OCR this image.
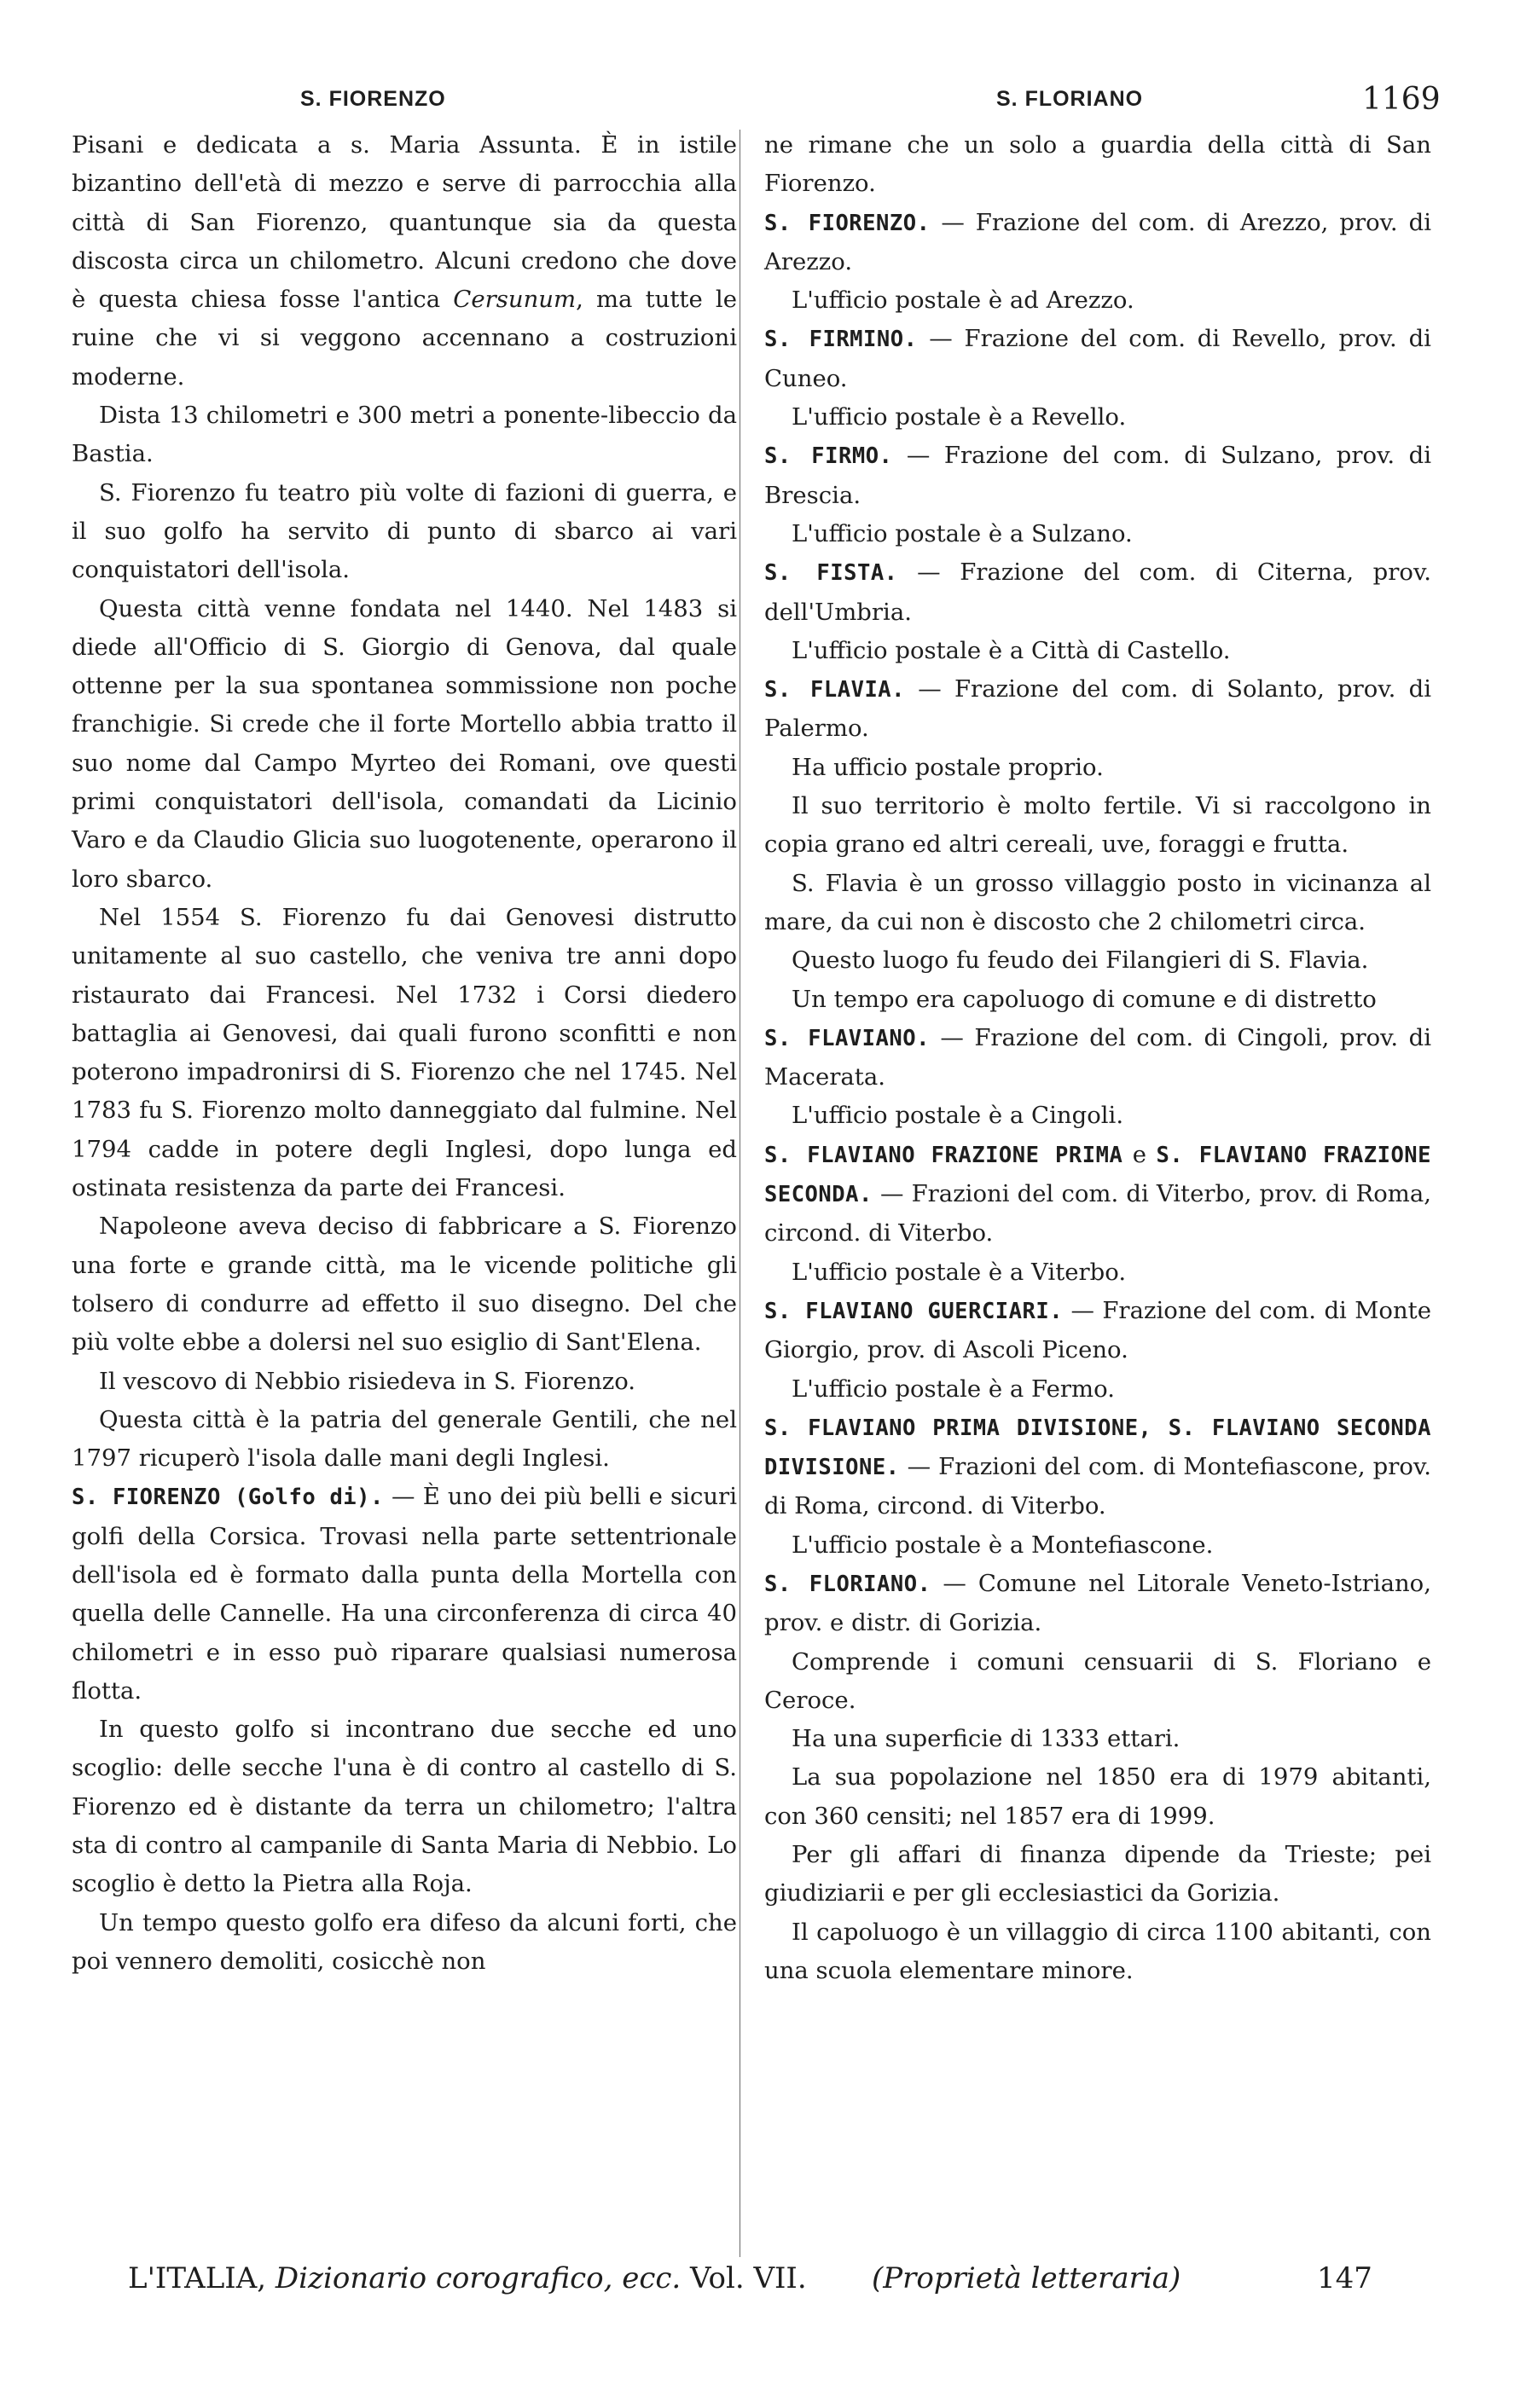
S. FIORENZO	S. FLORIANO	1169

Pisani e dedicata a s. Maria Assunta. È in istile bizantino dell'età di mezzo e serve di parrocchia alla città di San Fiorenzo, quantunque sia da questa discosta circa un chilometro. Alcuni credono che dove è questa chiesa fosse l'antica Cersunum, ma tutte le ruine che vi si veggono accennano a costruzioni moderne.

Dista 13 chilometri e 300 metri a ponente-libeccio da Bastia.

S. Fiorenzo fu teatro più volte di fazioni di guerra, e il suo golfo ha servito di punto di sbarco ai vari conquistatori dell'isola.

Questa città venne fondata nel 1440. Nel 1483 si diede all'Officio di S. Giorgio di Genova, dal quale ottenne per la sua spontanea sommissione non poche franchigie. Si crede che il forte Mortello abbia tratto il suo nome dal Campo Myrteo dei Romani, ove questi primi conquistatori dell'isola, comandati da Licinio Varo e da Claudio Glicia suo luogotenente, operarono il loro sbarco.

Nel 1554 S. Fiorenzo fu dai Genovesi distrutto unitamente al suo castello, che veniva tre anni dopo ristaurato dai Francesi. Nel 1732 i Corsi diedero battaglia ai Genovesi, dai quali furono sconfitti e non poterono impadronirsi di S. Fiorenzo che nel 1745. Nel 1783 fu S. Fiorenzo molto danneggiato dal fulmine. Nel 1794 cadde in potere degli Inglesi, dopo lunga ed ostinata resistenza da parte dei Francesi.

Napoleone aveva deciso di fabbricare a S. Fiorenzo una forte e grande città, ma le vicende politiche gli tolsero di condurre ad effetto il suo disegno. Del che più volte ebbe a dolersi nel suo esiglio di Sant'Elena.

Il vescovo di Nebbio risiedeva in S. Fiorenzo.

Questa città è la patria del generale Gentili, che nel 1797 ricuperò l'isola dalle mani degli Inglesi.

S. FIORENZO (Golfo di). — È uno dei più belli e sicuri golfi della Corsica. Trovasi nella parte settentrionale dell'isola ed è formato dalla punta della Mortella con quella delle Cannelle. Ha una circonferenza di circa 40 chilometri e in esso può riparare qualsiasi numerosa flotta.

In questo golfo si incontrano due secche ed uno scoglio: delle secche l'una è di contro al castello di S. Fiorenzo ed è distante da terra un chilometro; l'altra sta di contro al campanile di Santa Maria di Nebbio. Lo scoglio è detto la Pietra alla Roja.

Un tempo questo golfo era difeso da alcuni forti, che poi vennero demoliti, cosicchè non

ne rimane che un solo a guardia della città di San Fiorenzo.

S. FIORENZO. — Frazione del com. di Arezzo, prov. di Arezzo.

L'ufficio postale è ad Arezzo.

S. FIRMINO. — Frazione del com. di Revello, prov. di Cuneo.

L'ufficio postale è a Revello.

S. FIRMO. — Frazione del com. di Sulzano, prov. di Brescia.

L'ufficio postale è a Sulzano.

S. FISTA. — Frazione del com. di Citerna, prov. dell'Umbria.

L'ufficio postale è a Città di Castello.

S. FLAVIA. — Frazione del com. di Solanto, prov. di Palermo.

Ha ufficio postale proprio.

Il suo territorio è molto fertile. Vi si raccolgono in copia grano ed altri cereali, uve, foraggi e frutta.

S. Flavia è un grosso villaggio posto in vicinanza al mare, da cui non è discosto che 2 chilometri circa.

Questo luogo fu feudo dei Filangieri di S. Flavia.

Un tempo era capoluogo di comune e di distretto

S. FLAVIANO. — Frazione del com. di Cingoli, prov. di Macerata.

L'ufficio postale è a Cingoli.

S. FLAVIANO FRAZIONE PRIMA e S. FLAVIANO FRAZIONE SECONDA. — Frazioni del com. di Viterbo, prov. di Roma, circond. di Viterbo.

L'ufficio postale è a Viterbo.

S. FLAVIANO GUERCIARI. — Frazione del com. di Monte Giorgio, prov. di Ascoli Piceno.

L'ufficio postale è a Fermo.

S. FLAVIANO PRIMA DIVISIONE, S. FLAVIANO SECONDA DIVISIONE. — Frazioni del com. di Montefiascone, prov. di Roma, circond. di Viterbo.

L'ufficio postale è a Montefiascone.

S. FLORIANO. — Comune nel Litorale Veneto-Istriano, prov. e distr. di Gorizia.

Comprende i comuni censuarii di S. Floriano e Ceroce.

Ha una superficie di 1333 ettari.

La sua popolazione nel 1850 era di 1979 abitanti, con 360 censiti; nel 1857 era di 1999.

Per gli affari di finanza dipende da Trieste; pei giudiziarii e per gli ecclesiastici da Gorizia.

Il capoluogo è un villaggio di circa 1100 abitanti, con una scuola elementare minore.

L'ITALIA, Dizionario corografico, ecc. Vol. VII. (Proprietà letteraria)	147
